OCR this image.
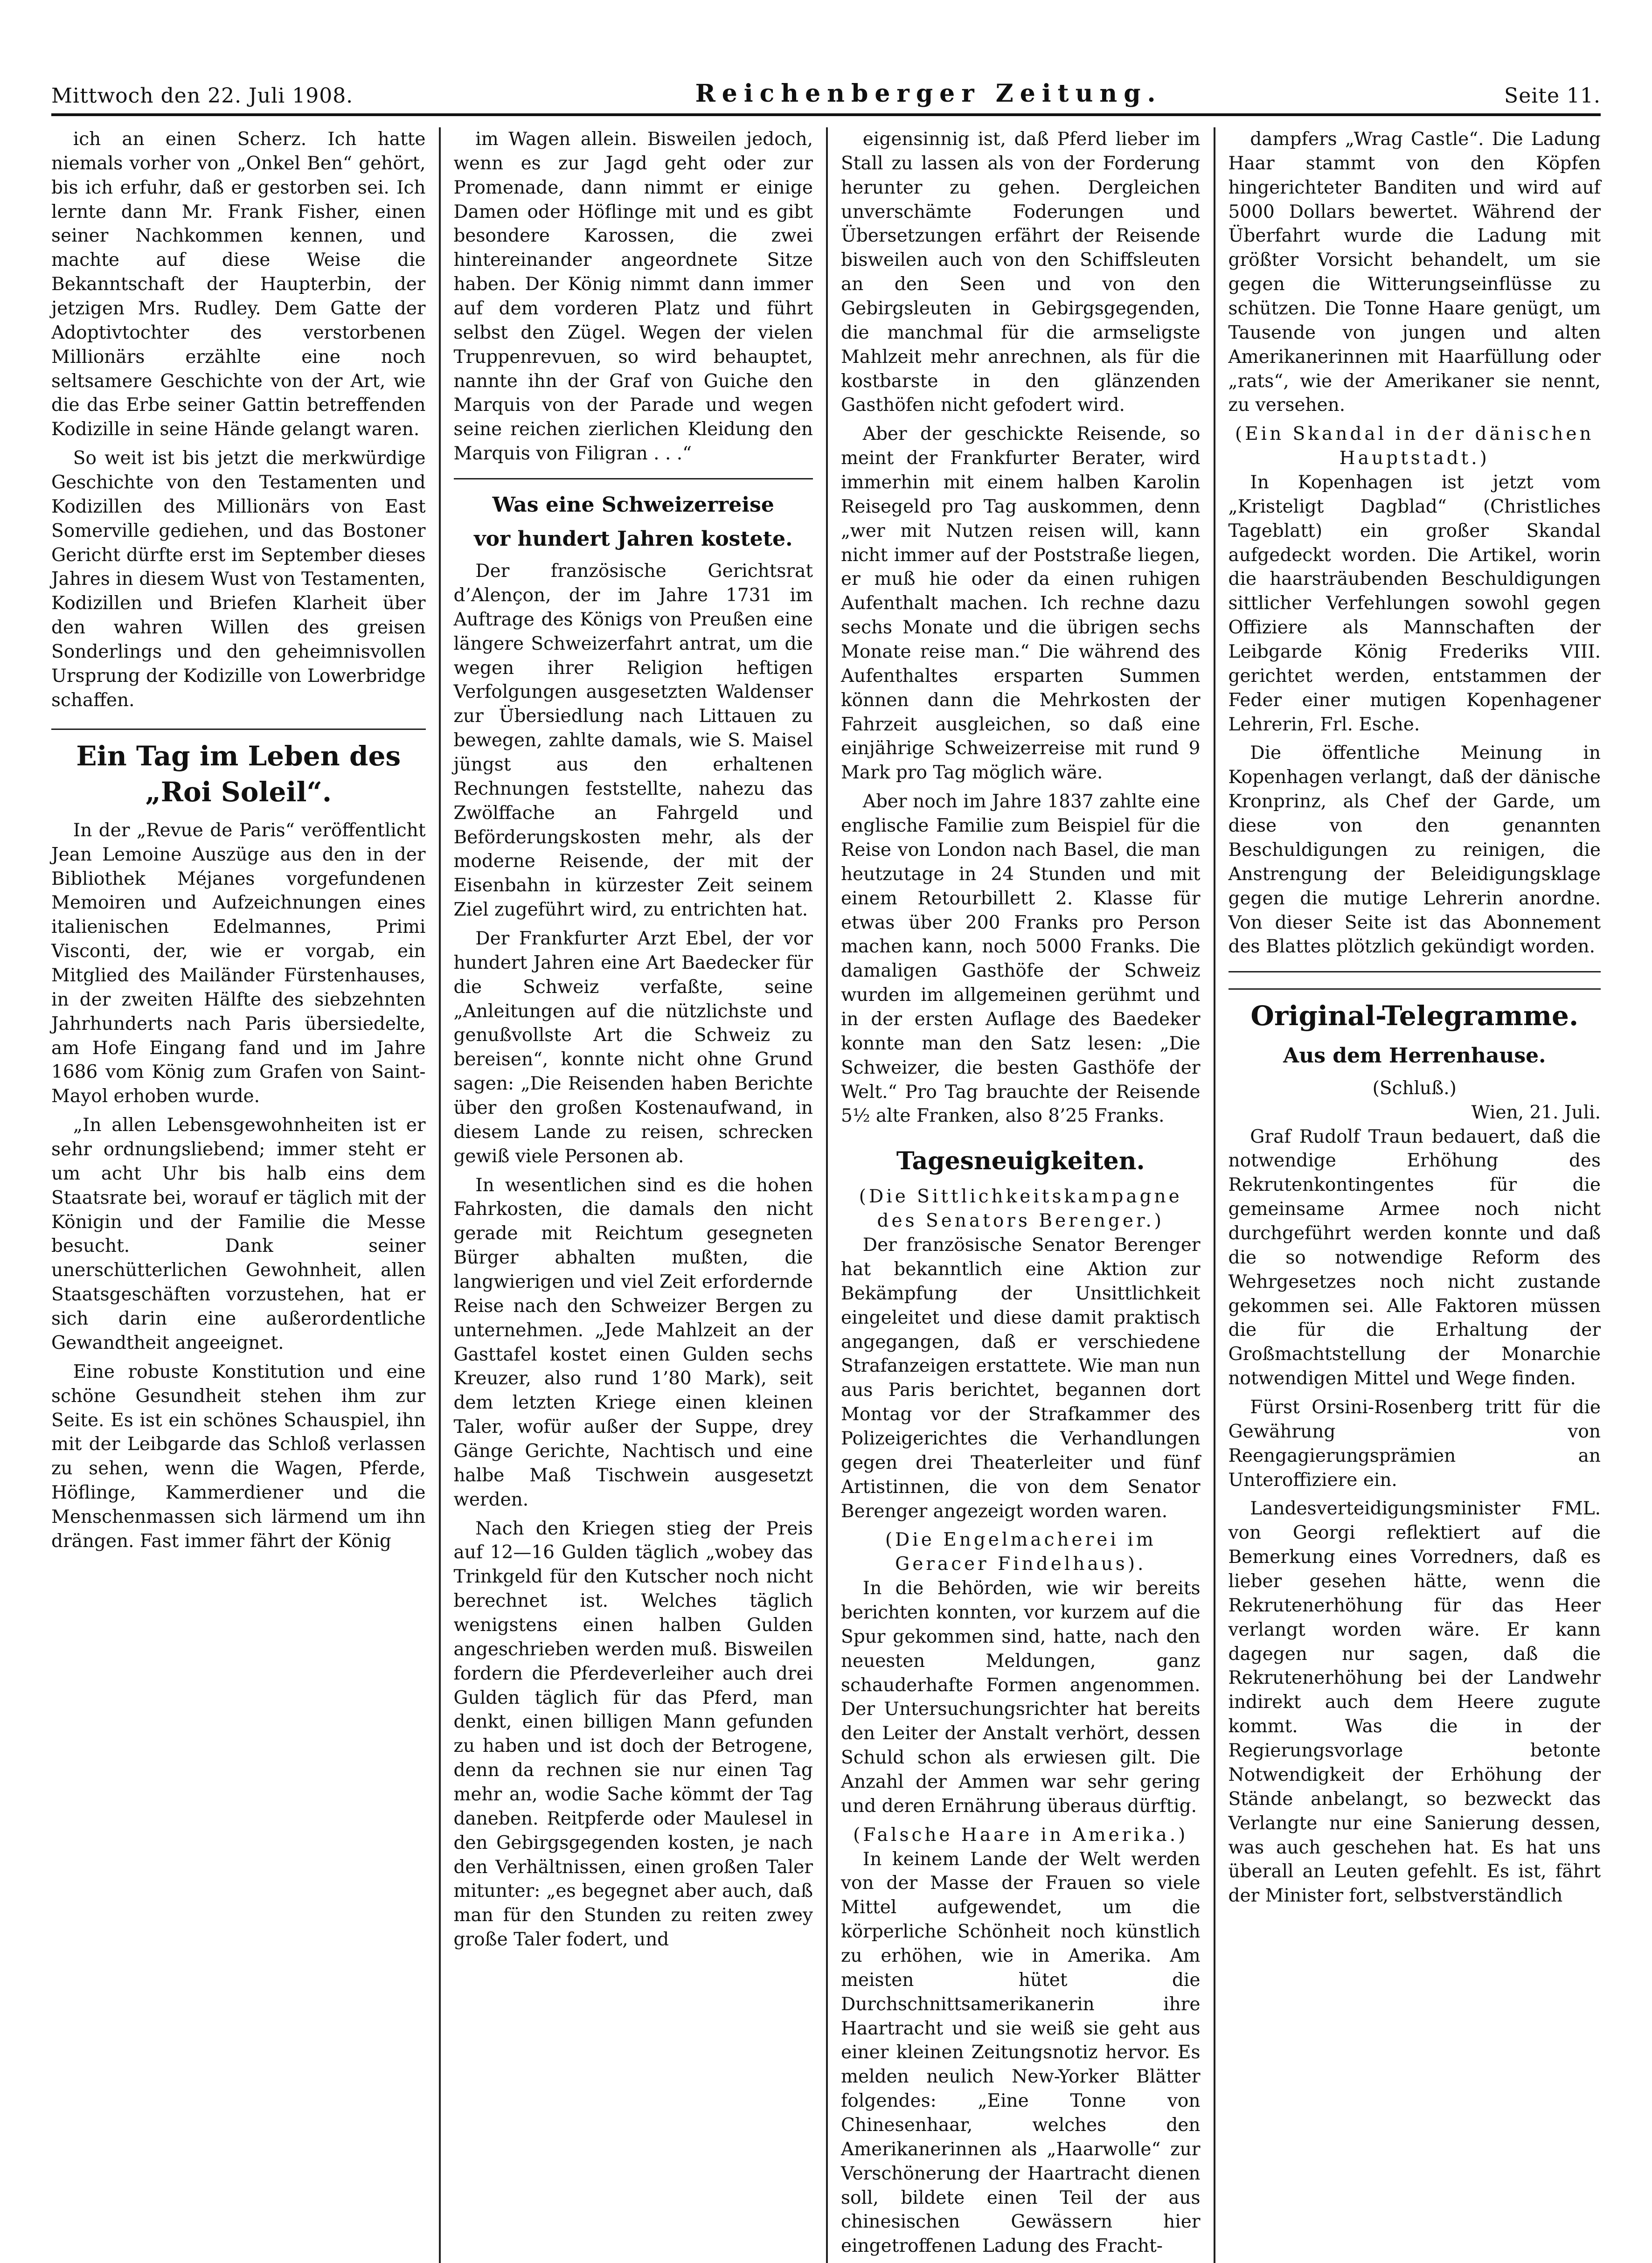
Mittwoch den 22. Juli 1908.	Reichenberger Zeitung.	Seite 11.

ich an einen Scherz. Ich hatte niemals vorher von „Onkel Ben“ gehört, bis ich erfuhr, daß er gestorben sei. Ich lernte dann Mr. Frank Fisher, einen seiner Nachkommen kennen, und machte auf diese Weise die Bekanntschaft der Haupterbin, der jetzigen Mrs. Rudley. Dem Gatte der Adoptivtochter des verstorbenen Millionärs erzählte eine noch seltsamere Geschichte von der Art, wie die das Erbe seiner Gattin betreffenden Kodizille in seine Hände gelangt waren.

So weit ist bis jetzt die merkwürdige Geschichte von den Testamenten und Kodizillen des Millionärs von East Somerville gediehen, und das Bostoner Gericht dürfte erst im September dieses Jahres in diesem Wust von Testamenten, Kodizillen und Briefen Klarheit über den wahren Willen des greisen Sonderlings und den geheimnisvollen Ursprung der Kodizille von Lowerbridge schaffen.

Ein Tag im Leben des „Roi Soleil“.

In der „Revue de Paris“ veröffentlicht Jean Lemoine Auszüge aus den in der Bibliothek Méjanes vorgefundenen Memoiren und Aufzeichnungen eines italienischen Edelmannes, Primi Visconti, der, wie er vorgab, ein Mitglied des Mailänder Fürstenhauses, in der zweiten Hälfte des siebzehnten Jahrhunderts nach Paris übersiedelte, am Hofe Eingang fand und im Jahre 1686 vom König zum Grafen von Saint-Mayol erhoben wurde.

„In allen Lebensgewohnheiten ist er sehr ordnungsliebend; immer steht er um acht Uhr bis halb eins dem Staatsrate bei, worauf er täglich mit der Königin und der Familie die Messe besucht. Dank seiner unerschütterlichen Gewohnheit, allen Staatsgeschäften vorzustehen, hat er sich darin eine außerordentliche Gewandtheit angeeignet.

Eine robuste Konstitution und eine schöne Gesundheit stehen ihm zur Seite. Es ist ein schönes Schauspiel, ihn mit der Leibgarde das Schloß verlassen zu sehen, wenn die Wagen, Pferde, Höflinge, Kammerdiener und die Menschenmassen sich lärmend um ihn drängen. Fast immer fährt der König

im Wagen allein. Bisweilen jedoch, wenn es zur Jagd geht oder zur Promenade, dann nimmt er einige Damen oder Höflinge mit und es gibt besondere Karossen, die zwei hintereinander angeordnete Sitze haben. Der König nimmt dann immer auf dem vorderen Platz und führt selbst den Zügel. Wegen der vielen Truppenrevuen, so wird behauptet, nannte ihn der Graf von Guiche den Marquis von der Parade und wegen seine reichen zierlichen Kleidung den Marquis von Filigran . . .“

Was eine Schweizerreise
vor hundert Jahren kostete.

Der französische Gerichtsrat d’Alençon, der im Jahre 1731 im Auftrage des Königs von Preußen eine längere Schweizerfahrt antrat, um die wegen ihrer Religion heftigen Verfolgungen ausgesetzten Waldenser zur Übersiedlung nach Littauen zu bewegen, zahlte damals, wie S. Maisel jüngst aus den erhaltenen Rechnungen feststellte, nahezu das Zwölffache an Fahrgeld und Beförderungskosten mehr, als der moderne Reisende, der mit der Eisenbahn in kürzester Zeit seinem Ziel zugeführt wird, zu entrichten hat.

Der Frankfurter Arzt Ebel, der vor hundert Jahren eine Art Baedecker für die Schweiz verfaßte, seine „Anleitungen auf die nützlichste und genußvollste Art die Schweiz zu bereisen“, konnte nicht ohne Grund sagen: „Die Reisenden haben Berichte über den großen Kostenaufwand, in diesem Lande zu reisen, schrecken gewiß viele Personen ab.

In wesentlichen sind es die hohen Fahrkosten, die damals den nicht gerade mit Reichtum gesegneten Bürger abhalten mußten, die langwierigen und viel Zeit erfordernde Reise nach den Schweizer Bergen zu unternehmen. „Jede Mahlzeit an der Gasttafel kostet einen Gulden sechs Kreuzer, also rund 1’80 Mark), seit dem letzten Kriege einen kleinen Taler, wofür außer der Suppe, drey Gänge Gerichte, Nachtisch und eine halbe Maß Tischwein ausgesetzt werden.

Nach den Kriegen stieg der Preis auf 12—16 Gulden täglich „wobey das Trinkgeld für den Kutscher noch nicht berechnet ist. Welches täglich wenigstens einen halben Gulden angeschrieben werden muß. Bisweilen fordern die Pferdeverleiher auch drei Gulden täglich für das Pferd, man denkt, einen billigen Mann gefunden zu haben und ist doch der Betrogene, denn da rechnen sie nur einen Tag mehr an, wodie Sache kömmt der Tag daneben. Reitpferde oder Maulesel in den Gebirgsgegenden kosten, je nach den Verhältnissen, einen großen Taler mitunter: „es begegnet aber auch, daß man für den Stunden zu reiten zwey große Taler fodert, und

eigensinnig ist, daß Pferd lieber im Stall zu lassen als von der Forderung herunter zu gehen. Dergleichen unverschämte Foderungen und Übersetzungen erfährt der Reisende bisweilen auch von den Schiffsleuten an den Seen und von den Gebirgsleuten in Gebirgsgegenden, die manchmal für die armseligste Mahlzeit mehr anrechnen, als für die kostbarste in den glänzenden Gasthöfen nicht gefodert wird.

Aber der geschickte Reisende, so meint der Frankfurter Berater, wird immerhin mit einem halben Karolin Reisegeld pro Tag auskommen, denn „wer mit Nutzen reisen will, kann nicht immer auf der Poststraße liegen, er muß hie oder da einen ruhigen Aufenthalt machen. Ich rechne dazu sechs Monate und die übrigen sechs Monate reise man.“ Die während des Aufenthaltes ersparten Summen können dann die Mehrkosten der Fahrzeit ausgleichen, so daß eine einjährige Schweizerreise mit rund 9 Mark pro Tag möglich wäre.

Aber noch im Jahre 1837 zahlte eine englische Familie zum Beispiel für die Reise von London nach Basel, die man heutzutage in 24 Stunden und mit einem Retourbillett 2. Klasse für etwas über 200 Franks pro Person machen kann, noch 5000 Franks. Die damaligen Gasthöfe der Schweiz wurden im allgemeinen gerühmt und in der ersten Auflage des Baedeker konnte man den Satz lesen: „Die Schweizer, die besten Gasthöfe der Welt.“ Pro Tag brauchte der Reisende 5½ alte Franken, also 8’25 Franks.

Tagesneuigkeiten.
(Die Sittlichkeitskampagne des Senators Berenger.)

Der französische Senator Berenger hat bekanntlich eine Aktion zur Bekämpfung der Unsittlichkeit eingeleitet und diese damit praktisch angegangen, daß er verschiedene Strafanzeigen erstattete. Wie man nun aus Paris berichtet, begannen dort Montag vor der Strafkammer des Polizeigerichtes die Verhandlungen gegen drei Theaterleiter und fünf Artistinnen, die von dem Senator Berenger angezeigt worden waren.

(Die Engelmacherei im Geracer Findelhaus).

In die Behörden, wie wir bereits berichten konnten, vor kurzem auf die Spur gekommen sind, hatte, nach den neuesten Meldungen, ganz schauderhafte Formen angenommen. Der Untersuchungsrichter hat bereits den Leiter der Anstalt verhört, dessen Schuld schon als erwiesen gilt. Die Anzahl der Ammen war sehr gering und deren Ernährung überaus dürftig.

(Falsche Haare in Amerika.)

In keinem Lande der Welt werden von der Masse der Frauen so viele Mittel aufgewendet, um die körperliche Schönheit noch künstlich zu erhöhen, wie in Amerika. Am meisten hütet die Durchschnittsamerikanerin ihre Haartracht und sie weiß sie geht aus einer kleinen Zeitungsnotiz hervor. Es melden neulich New-Yorker Blätter folgendes: „Eine Tonne von Chinesenhaar, welches den Amerikanerinnen als „Haarwolle“ zur Verschönerung der Haartracht dienen soll, bildete einen Teil der aus chinesischen Gewässern hier eingetroffenen Ladung des Fracht-

dampfers „Wrag Castle“. Die Ladung Haar stammt von den Köpfen hingerichteter Banditen und wird auf 5000 Dollars bewertet. Während der Überfahrt wurde die Ladung mit größter Vorsicht behandelt, um sie gegen die Witterungseinflüsse zu schützen. Die Tonne Haare genügt, um Tausende von jungen und alten Amerikanerinnen mit Haarfüllung oder „rats“, wie der Amerikaner sie nennt, zu versehen.

(Ein Skandal in der dänischen Hauptstadt.)

In Kopenhagen ist jetzt vom „Kristeligt Dagblad“ (Christliches Tageblatt) ein großer Skandal aufgedeckt worden. Die Artikel, worin die haarsträubenden Beschuldigungen sittlicher Verfehlungen sowohl gegen Offiziere als Mannschaften der Leibgarde König Frederiks VIII. gerichtet werden, entstammen der Feder einer mutigen Kopenhagener Lehrerin, Frl. Esche.

Die öffentliche Meinung in Kopenhagen verlangt, daß der dänische Kronprinz, als Chef der Garde, um diese von den genannten Beschuldigungen zu reinigen, die Anstrengung der Beleidigungsklage gegen die mutige Lehrerin anordne. Von dieser Seite ist das Abonnement des Blattes plötzlich gekündigt worden.

Original-Telegramme.
Aus dem Herrenhause.
(Schluß.)
Wien, 21. Juli.

Graf Rudolf Traun bedauert, daß die notwendige Erhöhung des Rekrutenkontingentes für die gemeinsame Armee noch nicht durchgeführt werden konnte und daß die so notwendige Reform des Wehrgesetzes noch nicht zustande gekommen sei. Alle Faktoren müssen die für die Erhaltung der Großmachtstellung der Monarchie notwendigen Mittel und Wege finden.

Fürst Orsini-Rosenberg tritt für die Gewährung von Reengagierungsprämien an Unteroffiziere ein.

Landesverteidigungsminister FML. von Georgi reflektiert auf die Bemerkung eines Vorredners, daß es lieber gesehen hätte, wenn die Rekrutenerhöhung für das Heer verlangt worden wäre. Er kann dagegen nur sagen, daß die Rekrutenerhöhung bei der Landwehr indirekt auch dem Heere zugute kommt. Was die in der Regierungsvorlage betonte Notwendigkeit der Erhöhung der Stände anbelangt, so bezweckt das Verlangte nur eine Sanierung dessen, was auch geschehen hat. Es hat uns überall an Leuten gefehlt. Es ist, fährt der Minister fort, selbstverständlich
